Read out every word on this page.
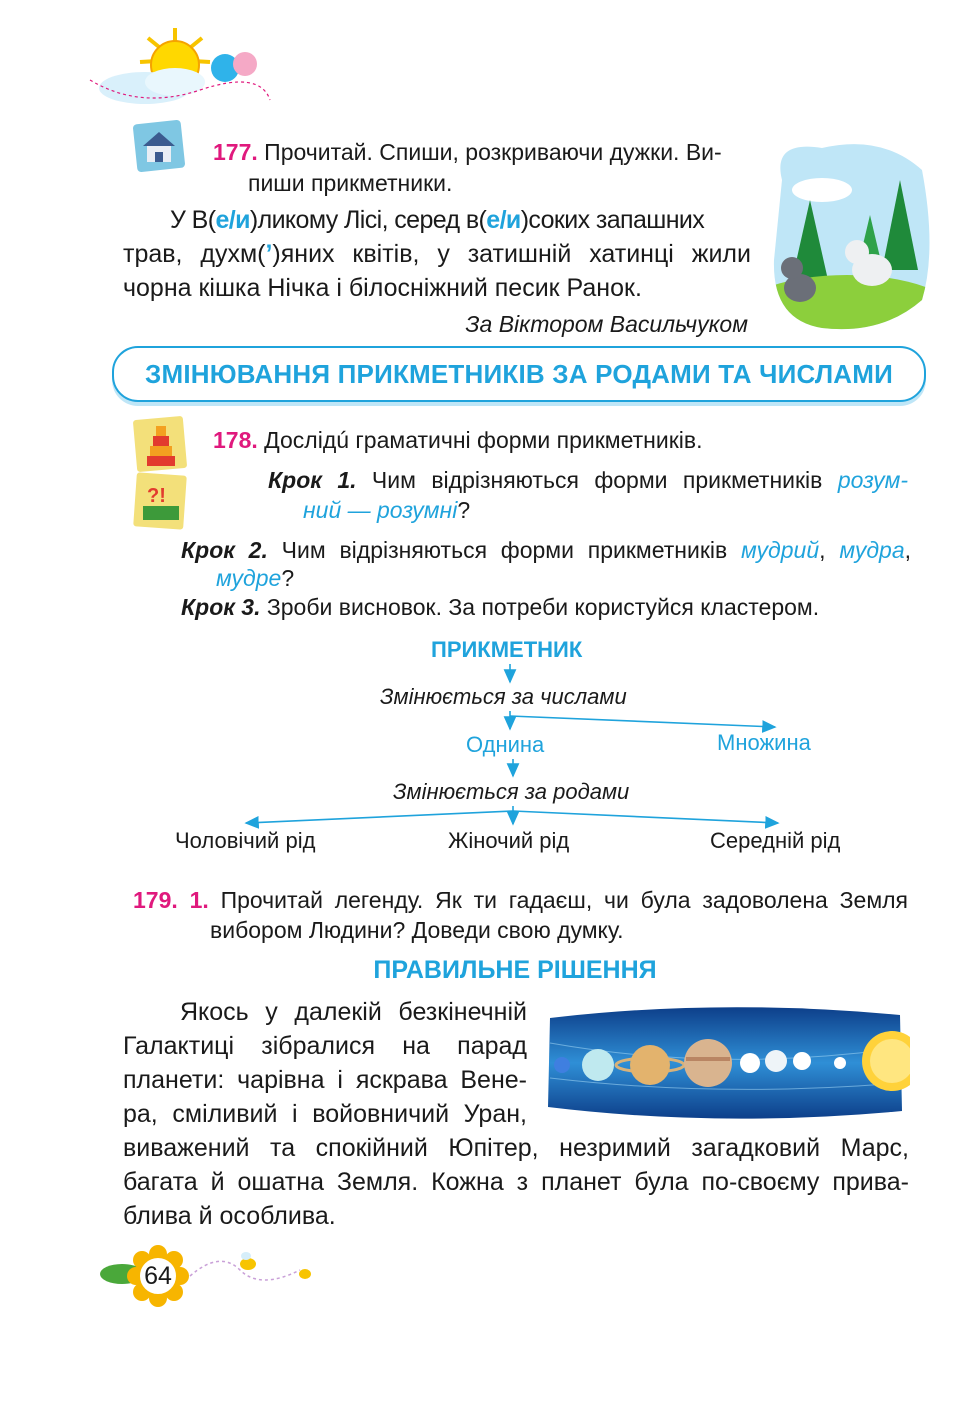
177. Прочитай. Спиши, розкриваючи дужки. Ви-
пиши прикметники.
У В(е/и)ликому Лісі, серед в(е/и)соких запашних
трав, духм(’)яних квітів, у затишній хатинці жили
чорна кішка Нічка і білосніжний песик Ранок.
За Віктором Васильчуком
ЗМІНЮВАННЯ ПРИКМЕТНИКІВ ЗА РОДАМИ ТА ЧИСЛАМИ
?!
178. Дослідú граматичні форми прикметників.
Крок 1. Чим відрізняються форми прикметників розум-
ний — розумні?
Крок 2. Чим відрізняються форми прикметників мудрий, мудра,
мудре?
Крок 3. Зроби висновок. За потреби користуйся кластером.
ПРИКМЕТНИК
Змінюється за числами
Однина	Множина
Змінюється за родами
Чоловічий рід	Жіночий рід	Середній рід
179. 1. Прочитай легенду. Як ти гадаєш, чи була задоволена Земля
вибором Людини? Доведи свою думку.
ПРАВИЛЬНЕ РІШЕННЯ
Якось у далекій безкінечній
Галактиці зібралися на парад
планети: чарівна і яскрава Вене-
ра, сміливий і войовничий Уран,
виважений та спокійний Юпітер, незримий загадковий Марс,
багата й ошатна Земля. Кожна з планет була по-своєму прива-
блива й особлива.
64
